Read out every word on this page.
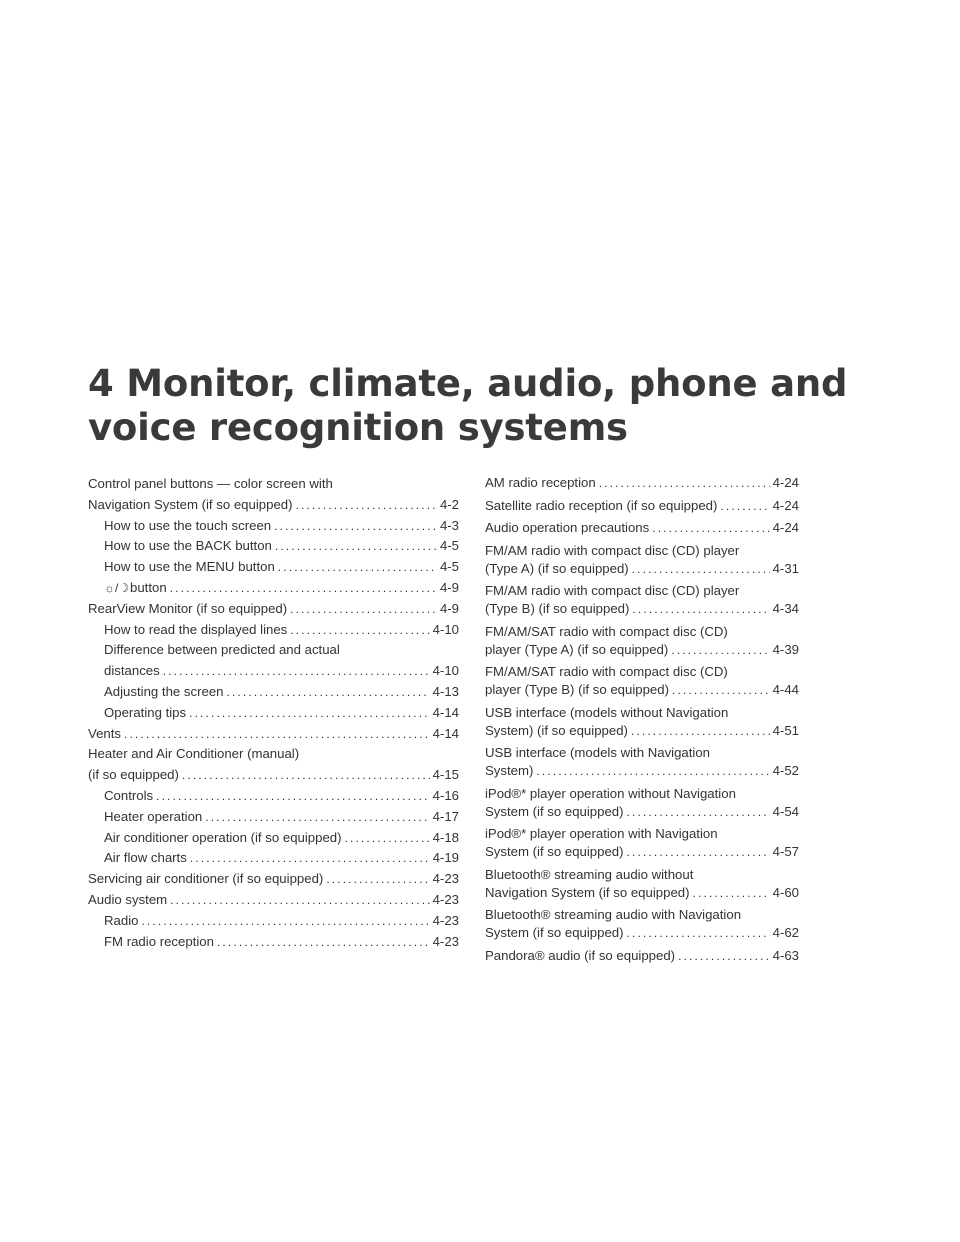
4 Monitor, climate, audio, phone and voice recognition systems
Control panel buttons — color screen with
Navigation System (if so equipped) . . .	4-2
How to use the touch screen . . .	4-3
How to use the BACK button . . .	4-5
How to use the MENU button . . .	4-5
☼/☽ button . . .	4-9
RearView Monitor (if so equipped) . . .	4-9
How to read the displayed lines . . .	4-10
Difference between predicted and actual
distances . . .	4-10
Adjusting the screen . . .	4-13
Operating tips . . .	4-14
Vents . . .	4-14
Heater and Air Conditioner (manual)
(if so equipped) . . .	4-15
Controls . . .	4-16
Heater operation . . .	4-17
Air conditioner operation (if so equipped) . . .	4-18
Air flow charts . . .	4-19
Servicing air conditioner (if so equipped) . . .	4-23
Audio system . . .	4-23
Radio . . .	4-23
FM radio reception . . .	4-23
AM radio reception . . .	4-24
Satellite radio reception (if so equipped) . . .	4-24
Audio operation precautions . . .	4-24
FM/AM radio with compact disc (CD) player
(Type A) (if so equipped) . . .	4-31
FM/AM radio with compact disc (CD) player
(Type B) (if so equipped) . . .	4-34
FM/AM/SAT radio with compact disc (CD)
player (Type A) (if so equipped) . . .	4-39
FM/AM/SAT radio with compact disc (CD)
player (Type B) (if so equipped) . . .	4-44
USB interface (models without Navigation
System) (if so equipped) . . .	4-51
USB interface (models with Navigation
System) . . .	4-52
iPod®* player operation without Navigation
System (if so equipped) . . .	4-54
iPod®* player operation with Navigation
System (if so equipped) . . .	4-57
Bluetooth® streaming audio without
Navigation System (if so equipped) . . .	4-60
Bluetooth® streaming audio with Navigation
System (if so equipped) . . .	4-62
Pandora® audio (if so equipped) . . .	4-63
